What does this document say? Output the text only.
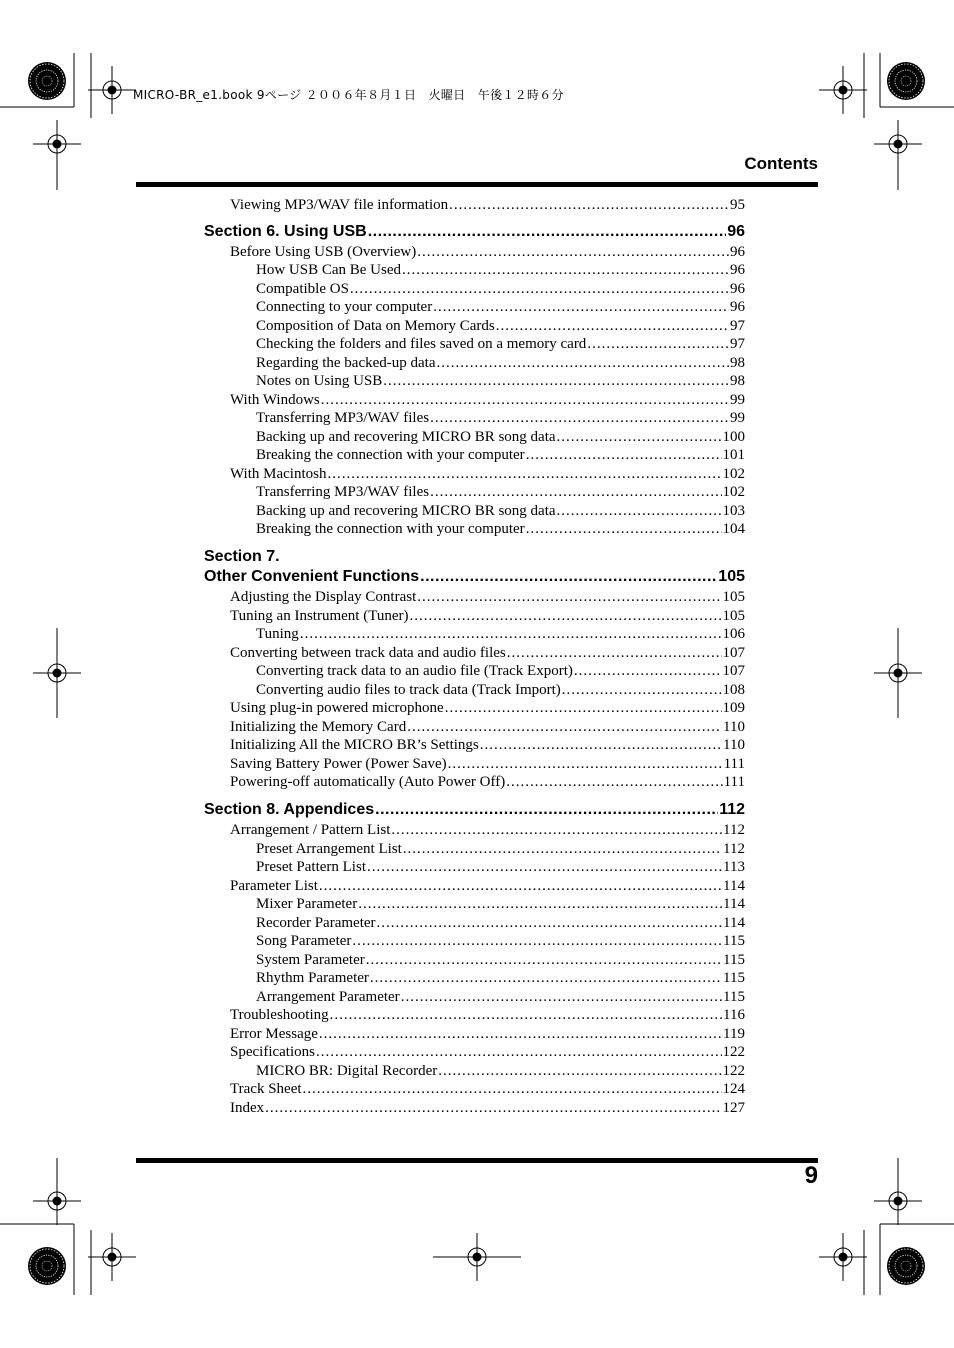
MICRO-BR_e1.book 9ページ ２００６年８月１日　火曜日　午後１２時６分
Contents
Viewing MP3/WAV file information .....	95
Section 6. Using USB .....	96
Before Using USB (Overview) .....	96
How USB Can Be Used .....	96
Compatible OS .....	96
Connecting to your computer .....	96
Composition of Data on Memory Cards .....	97
Checking the folders and files saved on a memory card .....	97
Regarding the backed-up data .....	98
Notes on Using USB .....	98
With Windows .....	99
Transferring MP3/WAV files .....	99
Backing up and recovering MICRO BR song data .....	100
Breaking the connection with your computer .....	101
With Macintosh .....	102
Transferring MP3/WAV files .....	102
Backing up and recovering MICRO BR song data .....	103
Breaking the connection with your computer .....	104
Section 7.
Other Convenient Functions .....	105
Adjusting the Display Contrast .....	105
Tuning an Instrument (Tuner) .....	105
Tuning .....	106
Converting between track data and audio files .....	107
Converting track data to an audio file (Track Export) .....	107
Converting audio files to track data (Track Import) .....	108
Using plug-in powered microphone .....	109
Initializing the Memory Card .....	110
Initializing All the MICRO BR’s Settings .....	110
Saving Battery Power (Power Save) .....	111
Powering-off automatically (Auto Power Off) .....	111
Section 8. Appendices .....	112
Arrangement / Pattern List .....	112
Preset Arrangement List .....	112
Preset Pattern List .....	113
Parameter List .....	114
Mixer Parameter .....	114
Recorder Parameter .....	114
Song Parameter .....	115
System Parameter .....	115
Rhythm Parameter .....	115
Arrangement Parameter .....	115
Troubleshooting .....	116
Error Message .....	119
Specifications .....	122
MICRO BR: Digital Recorder .....	122
Track Sheet .....	124
Index .....	127
9
